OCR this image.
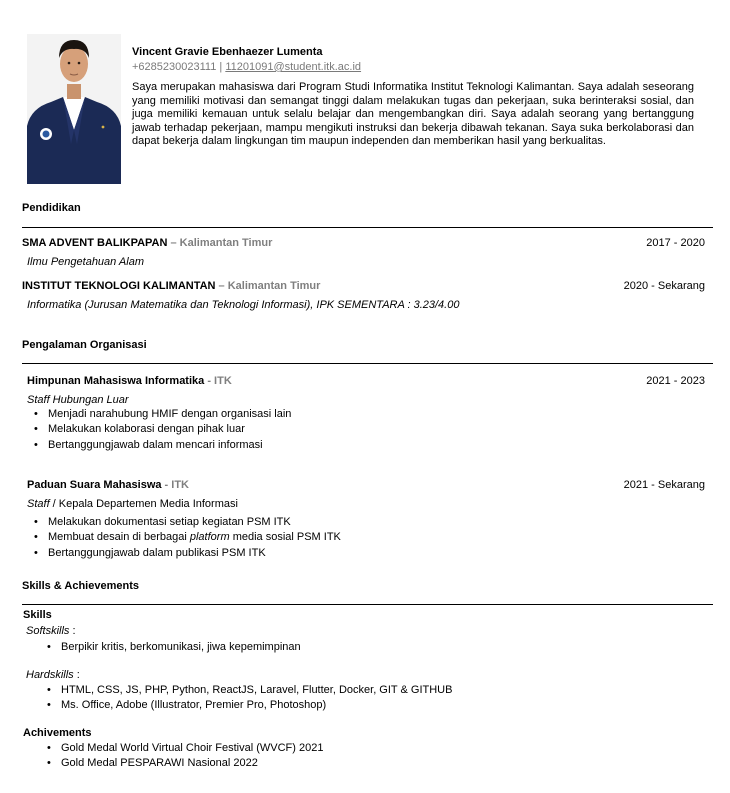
Vincent Gravie Ebenhaezer Lumenta
+6285230023111 | 11201091@student.itk.ac.id
Saya merupakan mahasiswa dari Program Studi Informatika Institut Teknologi Kalimantan. Saya adalah seseorang yang memiliki motivasi dan semangat tinggi dalam melakukan tugas dan pekerjaan, suka berinteraksi sosial, dan juga memiliki kemauan untuk selalu belajar dan mengembangkan diri. Saya adalah seorang yang bertanggung jawab terhadap pekerjaan, mampu mengikuti instruksi dan bekerja dibawah tekanan. Saya suka berkolaborasi dan dapat bekerja dalam lingkungan tim maupun independen dan memberikan hasil yang berkualitas.
Pendidikan
SMA ADVENT BALIKPAPAN – Kalimantan Timur	2017 - 2020
Ilmu Pengetahuan Alam
INSTITUT TEKNOLOGI KALIMANTAN – Kalimantan Timur	2020 - Sekarang
Informatika (Jurusan Matematika dan Teknologi Informasi), IPK SEMENTARA : 3.23/4.00
Pengalaman Organisasi
Himpunan Mahasiswa Informatika - ITK	2021 - 2023
Staff Hubungan Luar
• Menjadi narahubung HMIF dengan organisasi lain
• Melakukan kolaborasi dengan pihak luar
• Bertanggungjawab dalam mencari informasi
Paduan Suara Mahasiswa - ITK	2021 - Sekarang
Staff / Kepala Departemen Media Informasi
• Melakukan dokumentasi setiap kegiatan PSM ITK
• Membuat desain di berbagai platform media sosial PSM ITK
• Bertanggungjawab dalam publikasi PSM ITK
Skills & Achievements
Skills
Softskills :
• Berpikir kritis, berkomunikasi, jiwa kepemimpinan
Hardskills :
• HTML, CSS, JS, PHP, Python, ReactJS, Laravel, Flutter, Docker, GIT & GITHUB
• Ms. Office, Adobe (Illustrator, Premier Pro, Photoshop)
Achivements
• Gold Medal World Virtual Choir Festival (WVCF) 2021
• Gold Medal PESPARAWI Nasional 2022
